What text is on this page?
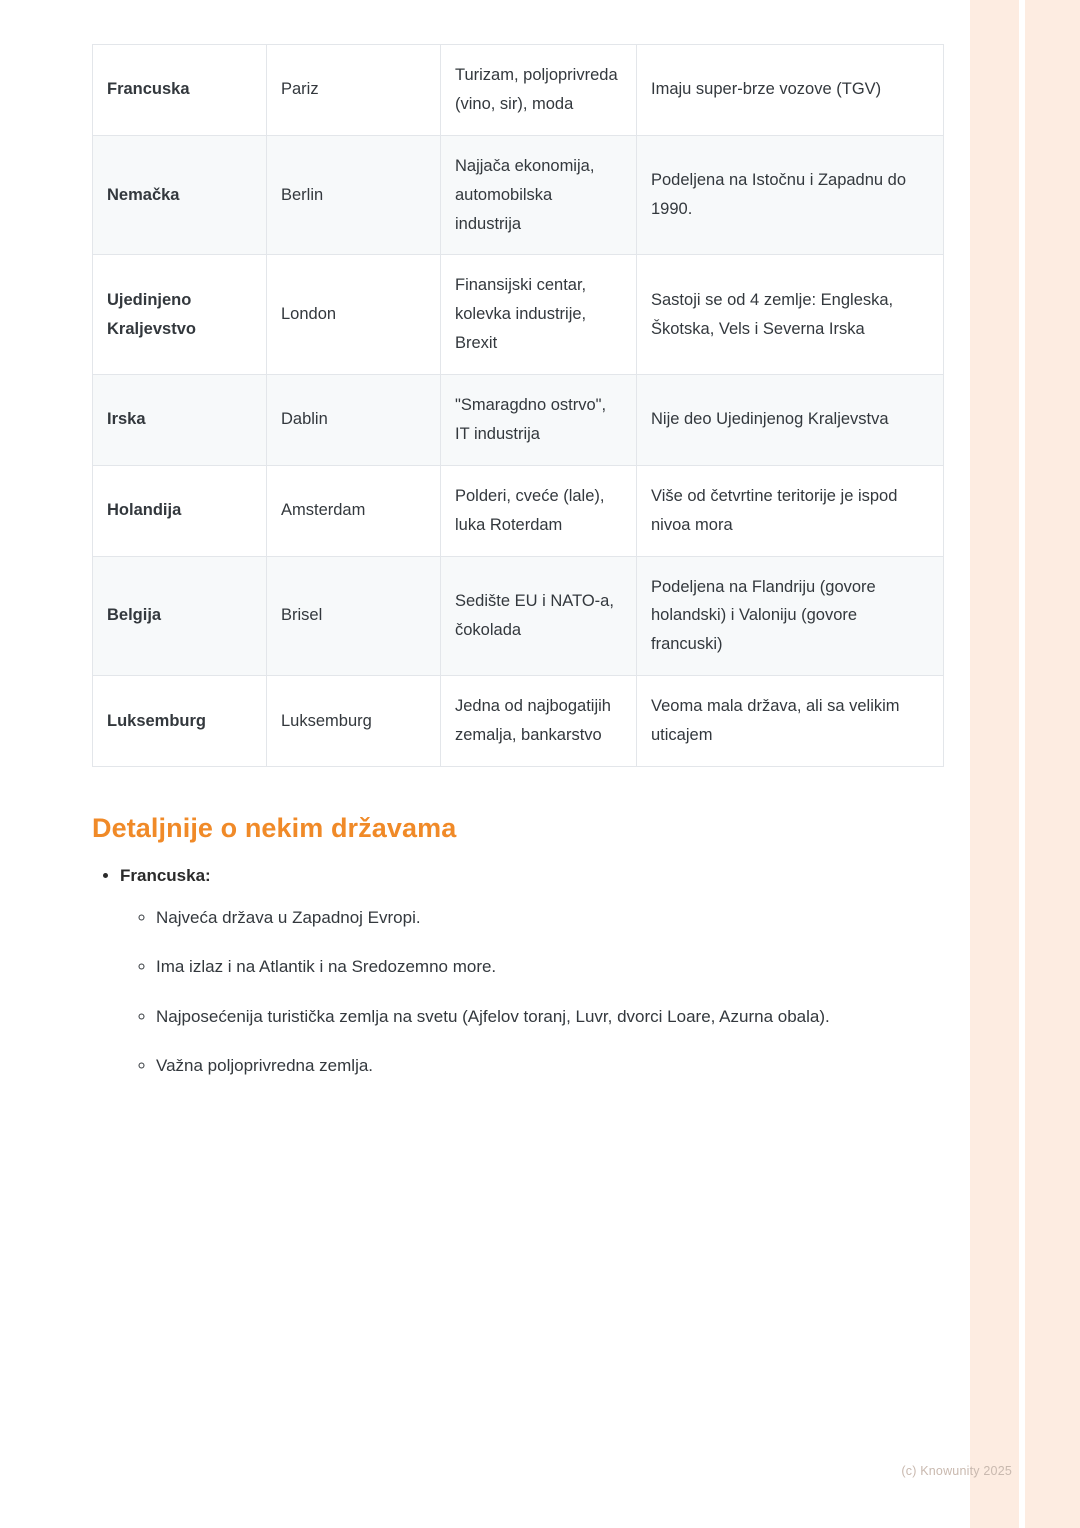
Francuska	Pariz	Turizam, poljoprivreda (vino, sir), moda	Imaju super-brze vozove (TGV)
Nemačka	Berlin	Najjača ekonomija, automobilska industrija	Podeljena na Istočnu i Zapadnu do 1990.
Ujedinjeno Kraljevstvo	London	Finansijski centar, kolevka industrije, Brexit	Sastoji se od 4 zemlje: Engleska, Škotska, Vels i Severna Irska
Irska	Dablin	"Smaragdno ostrvo", IT industrija	Nije deo Ujedinjenog Kraljevstva
Holandija	Amsterdam	Polderi, cveće (lale), luka Roterdam	Više od četvrtine teritorije je ispod nivoa mora
Belgija	Brisel	Sedište EU i NATO-a, čokolada	Podeljena na Flandriju (govore holandski) i Valoniju (govore francuski)
Luksemburg	Luksemburg	Jedna od najbogatijih zemalja, bankarstvo	Veoma mala država, ali sa velikim uticajem
Detaljnije o nekim državama
• Francuska:
◦ Najveća država u Zapadnoj Evropi.
◦ Ima izlaz i na Atlantik i na Sredozemno more.
◦ Najposećenija turistička zemlja na svetu (Ajfelov toranj, Luvr, dvorci Loare, Azurna obala).
◦ Važna poljoprivredna zemlja.
(c) Knowunity 2025
